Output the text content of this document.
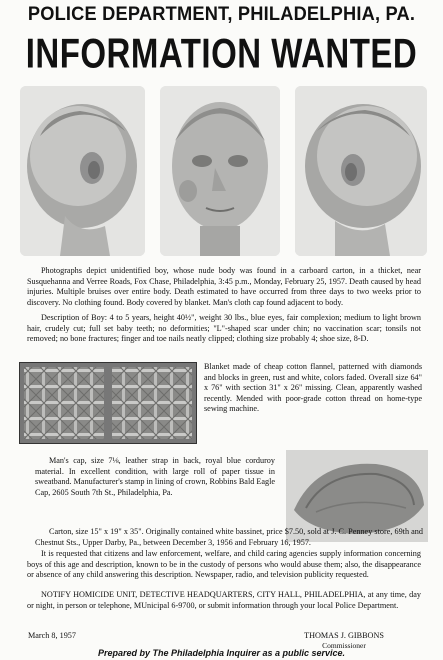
POLICE DEPARTMENT, PHILADELPHIA, PA.
INFORMATION WANTED

Photographs depict unidentified boy, whose nude body was found in a carboard carton, in a thicket, near Susquehanna and Verree Roads, Fox Chase, Philadelphia, 3:45 p.m., Monday, February 25, 1957. Death caused by head injuries. Multiple bruises over entire body. Death estimated to have occurred from three days to two weeks prior to discovery. No clothing found. Body covered by blanket. Man's cloth cap found adjacent to body.

Description of Boy: 4 to 5 years, height 40½", weight 30 lbs., blue eyes, fair complexion; medium to light brown hair, crudely cut; full set baby teeth; no deformities; "L"-shaped scar under chin; no vaccination scar; tonsils not removed; no bone fractures; finger and toe nails neatly clipped; clothing size probably 4; shoe size, 8-D.

Blanket made of cheap cotton flannel, patterned with diamonds and blocks in green, rust and white, colors faded. Overall size 64" x 76" with section 31" x 26" missing. Clean, apparently washed recently. Mended with poor-grade cotton thread on home-type sewing machine.

Man's cap, size 7⅛, leather strap in back, royal blue corduroy material. In excellent condition, with large roll of paper tissue in sweatband. Manufacturer's stamp in lining of crown, Robbins Bald Eagle Cap, 2605 South 7th St., Philadelphia, Pa.

Carton, size 15" x 19" x 35". Originally contained white bassinet, price $7.50, sold at J. C. Penney store, 69th and Chestnut Sts., Upper Darby, Pa., between December 3, 1956 and February 16, 1957.

It is requested that citizens and law enforcement, welfare, and child caring agencies supply information concerning boys of this age and description, known to be in the custody of persons who would abuse them; also, the disappearance or absence of any child answering this description. Newspaper, radio, and television publicity requested.

NOTIFY HOMICIDE UNIT, DETECTIVE HEADQUARTERS, CITY HALL, PHILADELPHIA, at any time, day or night, in person or telephone, MUnicipal 6-9700, or submit information through your local Police Department.

March 8, 1957	THOMAS J. GIBBONS
Commissioner
Prepared by The Philadelphia Inquirer as a public service.
